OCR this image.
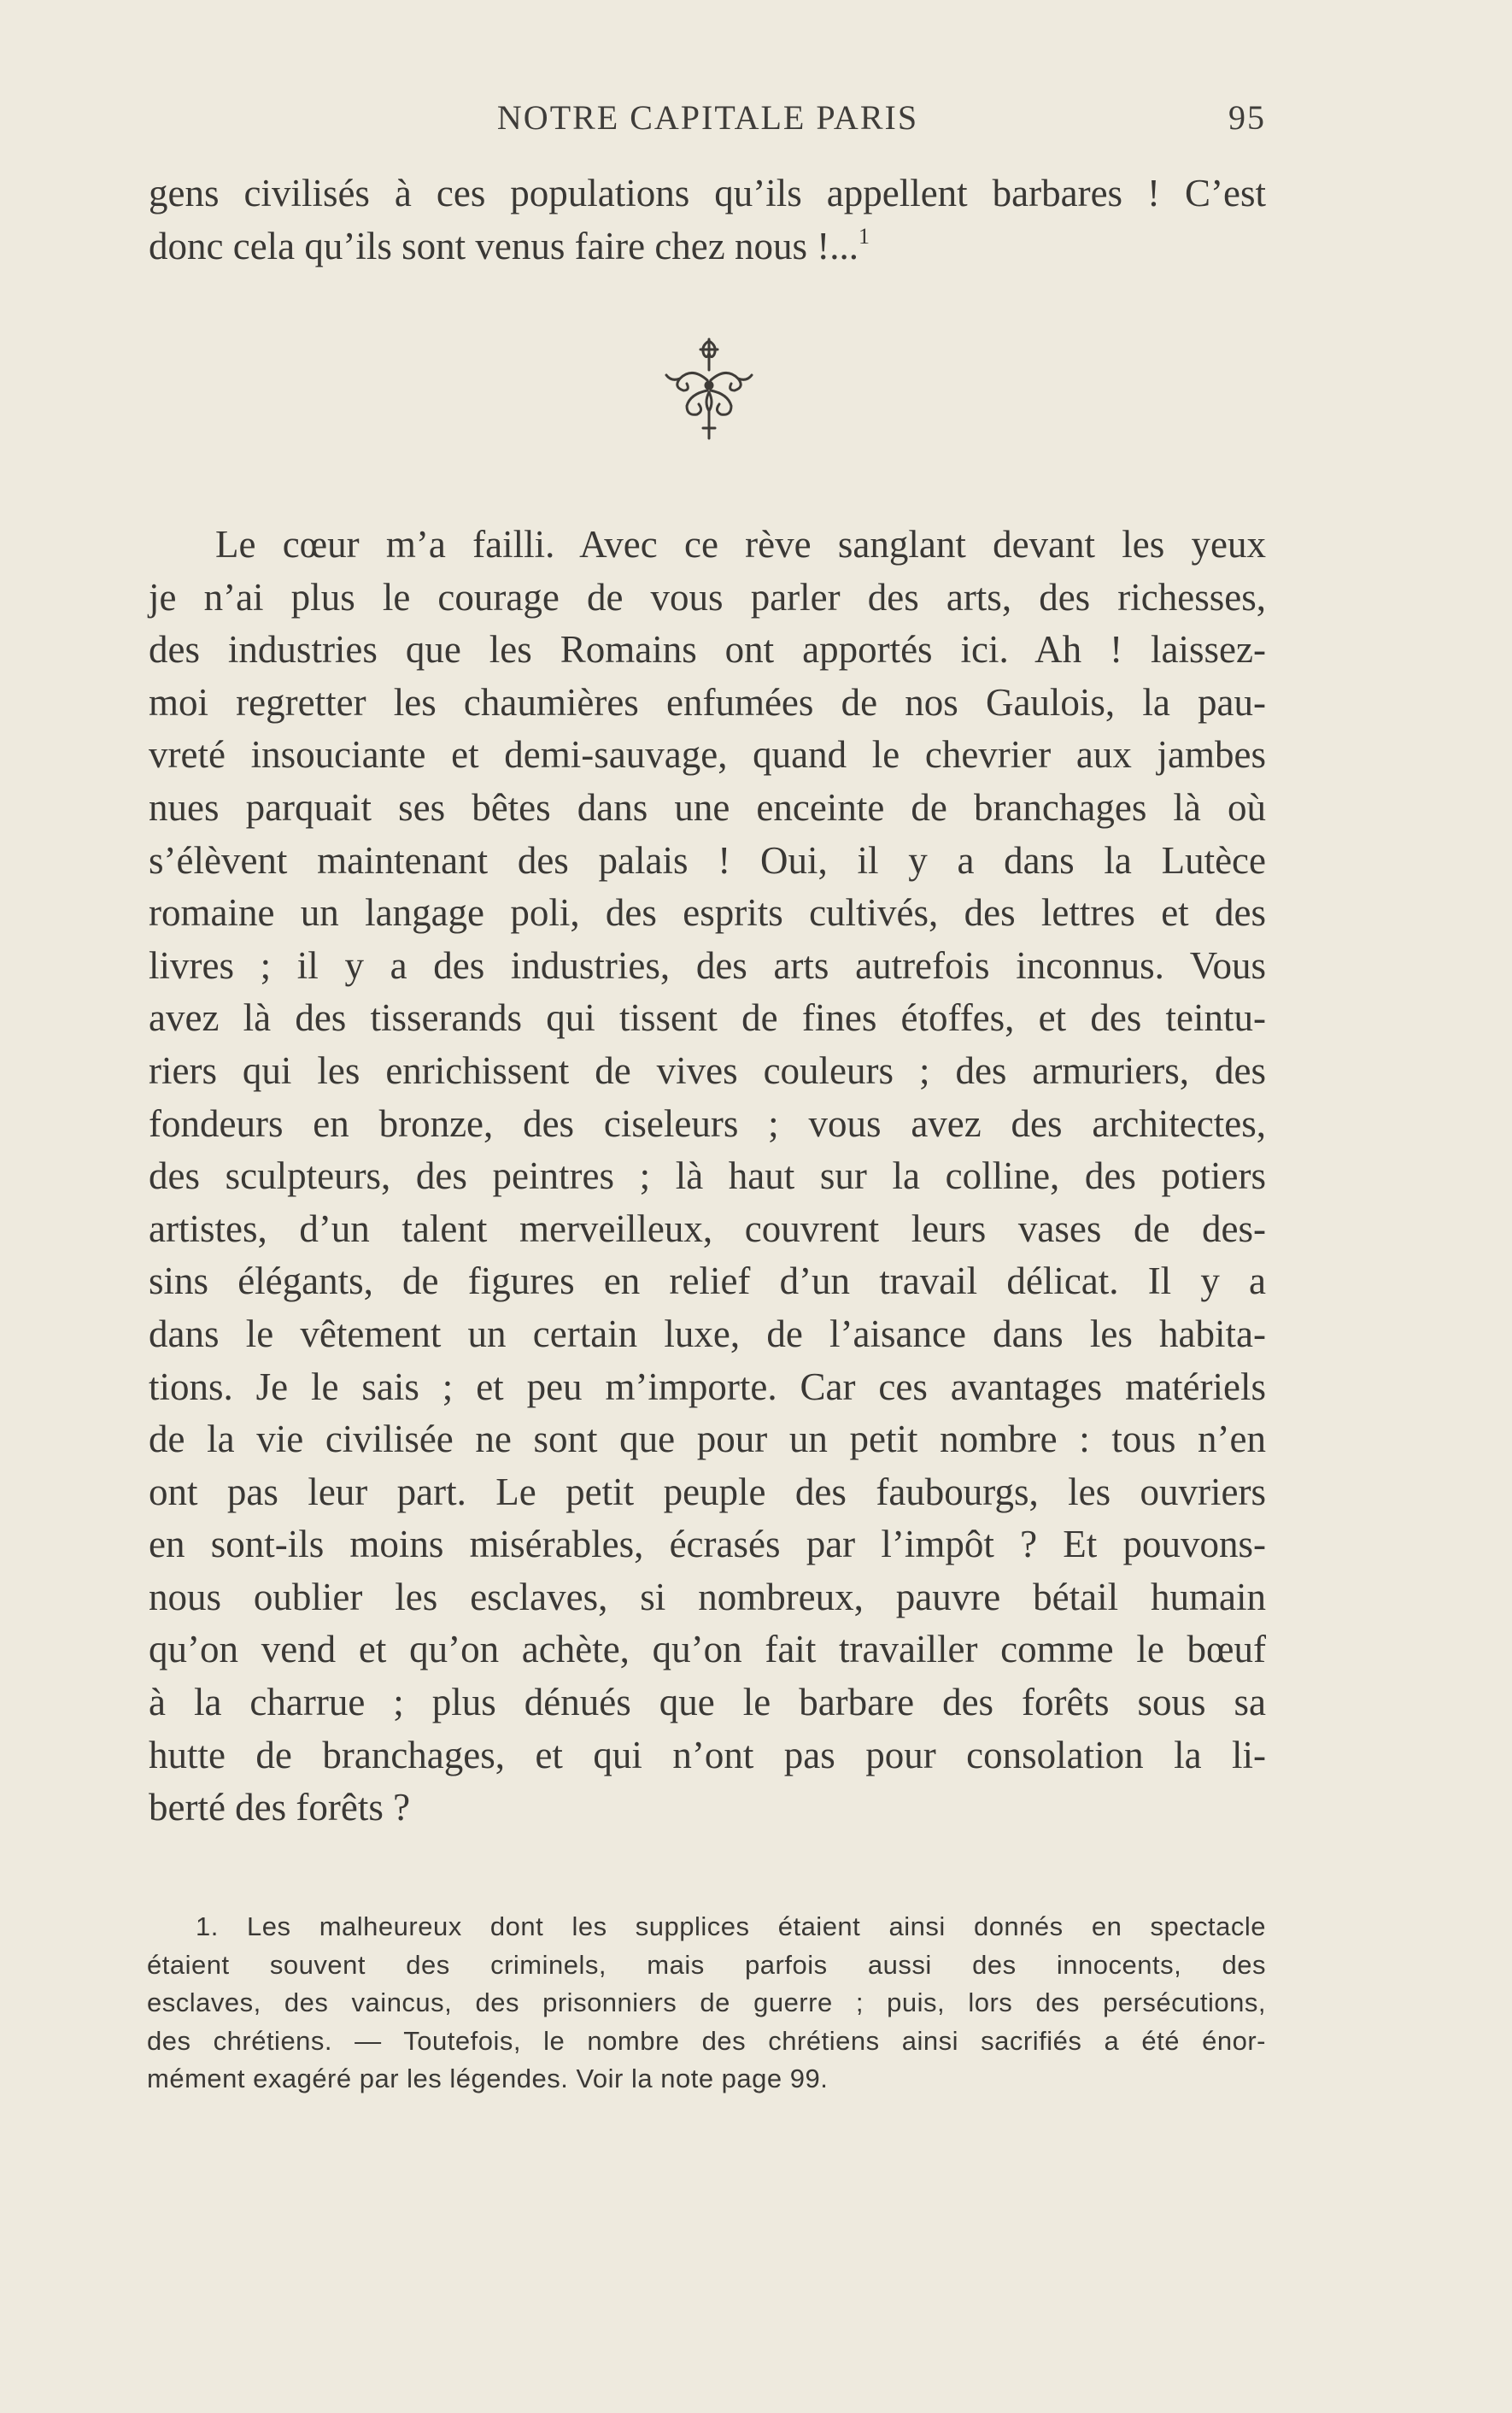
NOTRE CAPITALE PARIS	95
gens civilisés à ces populations qu’ils appellent barbares ! C’est
donc cela qu’ils sont venus faire chez nous !...$^1$
Le cœur m’a failli. Avec ce rève sanglant devant les yeux
je n’ai plus le courage de vous parler des arts, des richesses,
des industries que les Romains ont apportés ici. Ah ! laissez-
moi regretter les chaumières enfumées de nos Gaulois, la pau-
vreté insouciante et demi-sauvage, quand le chevrier aux jambes
nues parquait ses bêtes dans une enceinte de branchages là où
s’élèvent maintenant des palais ! Oui, il y a dans la Lutèce
romaine un langage poli, des esprits cultivés, des lettres et des
livres ; il y a des industries, des arts autrefois inconnus. Vous
avez là des tisserands qui tissent de fines étoffes, et des teintu-
riers qui les enrichissent de vives couleurs ; des armuriers, des
fondeurs en bronze, des ciseleurs ; vous avez des architectes,
des sculpteurs, des peintres ; là haut sur la colline, des potiers
artistes, d’un talent merveilleux, couvrent leurs vases de des-
sins élégants, de figures en relief d’un travail délicat. Il y a
dans le vêtement un certain luxe, de l’aisance dans les habita-
tions. Je le sais ; et peu m’importe. Car ces avantages matériels
de la vie civilisée ne sont que pour un petit nombre : tous n’en
ont pas leur part. Le petit peuple des faubourgs, les ouvriers
en sont-ils moins misérables, écrasés par l’impôt ? Et pouvons-
nous oublier les esclaves, si nombreux, pauvre bétail humain
qu’on vend et qu’on achète, qu’on fait travailler comme le bœuf
à la charrue ; plus dénués que le barbare des forêts sous sa
hutte de branchages, et qui n’ont pas pour consolation la li-
berté des forêts ?
1. Les malheureux dont les supplices étaient ainsi donnés en spectacle
étaient souvent des criminels, mais parfois aussi des innocents, des
esclaves, des vaincus, des prisonniers de guerre ; puis, lors des persécutions,
des chrétiens. — Toutefois, le nombre des chrétiens ainsi sacrifiés a été énor-
mément exagéré par les légendes. Voir la note page 99.
